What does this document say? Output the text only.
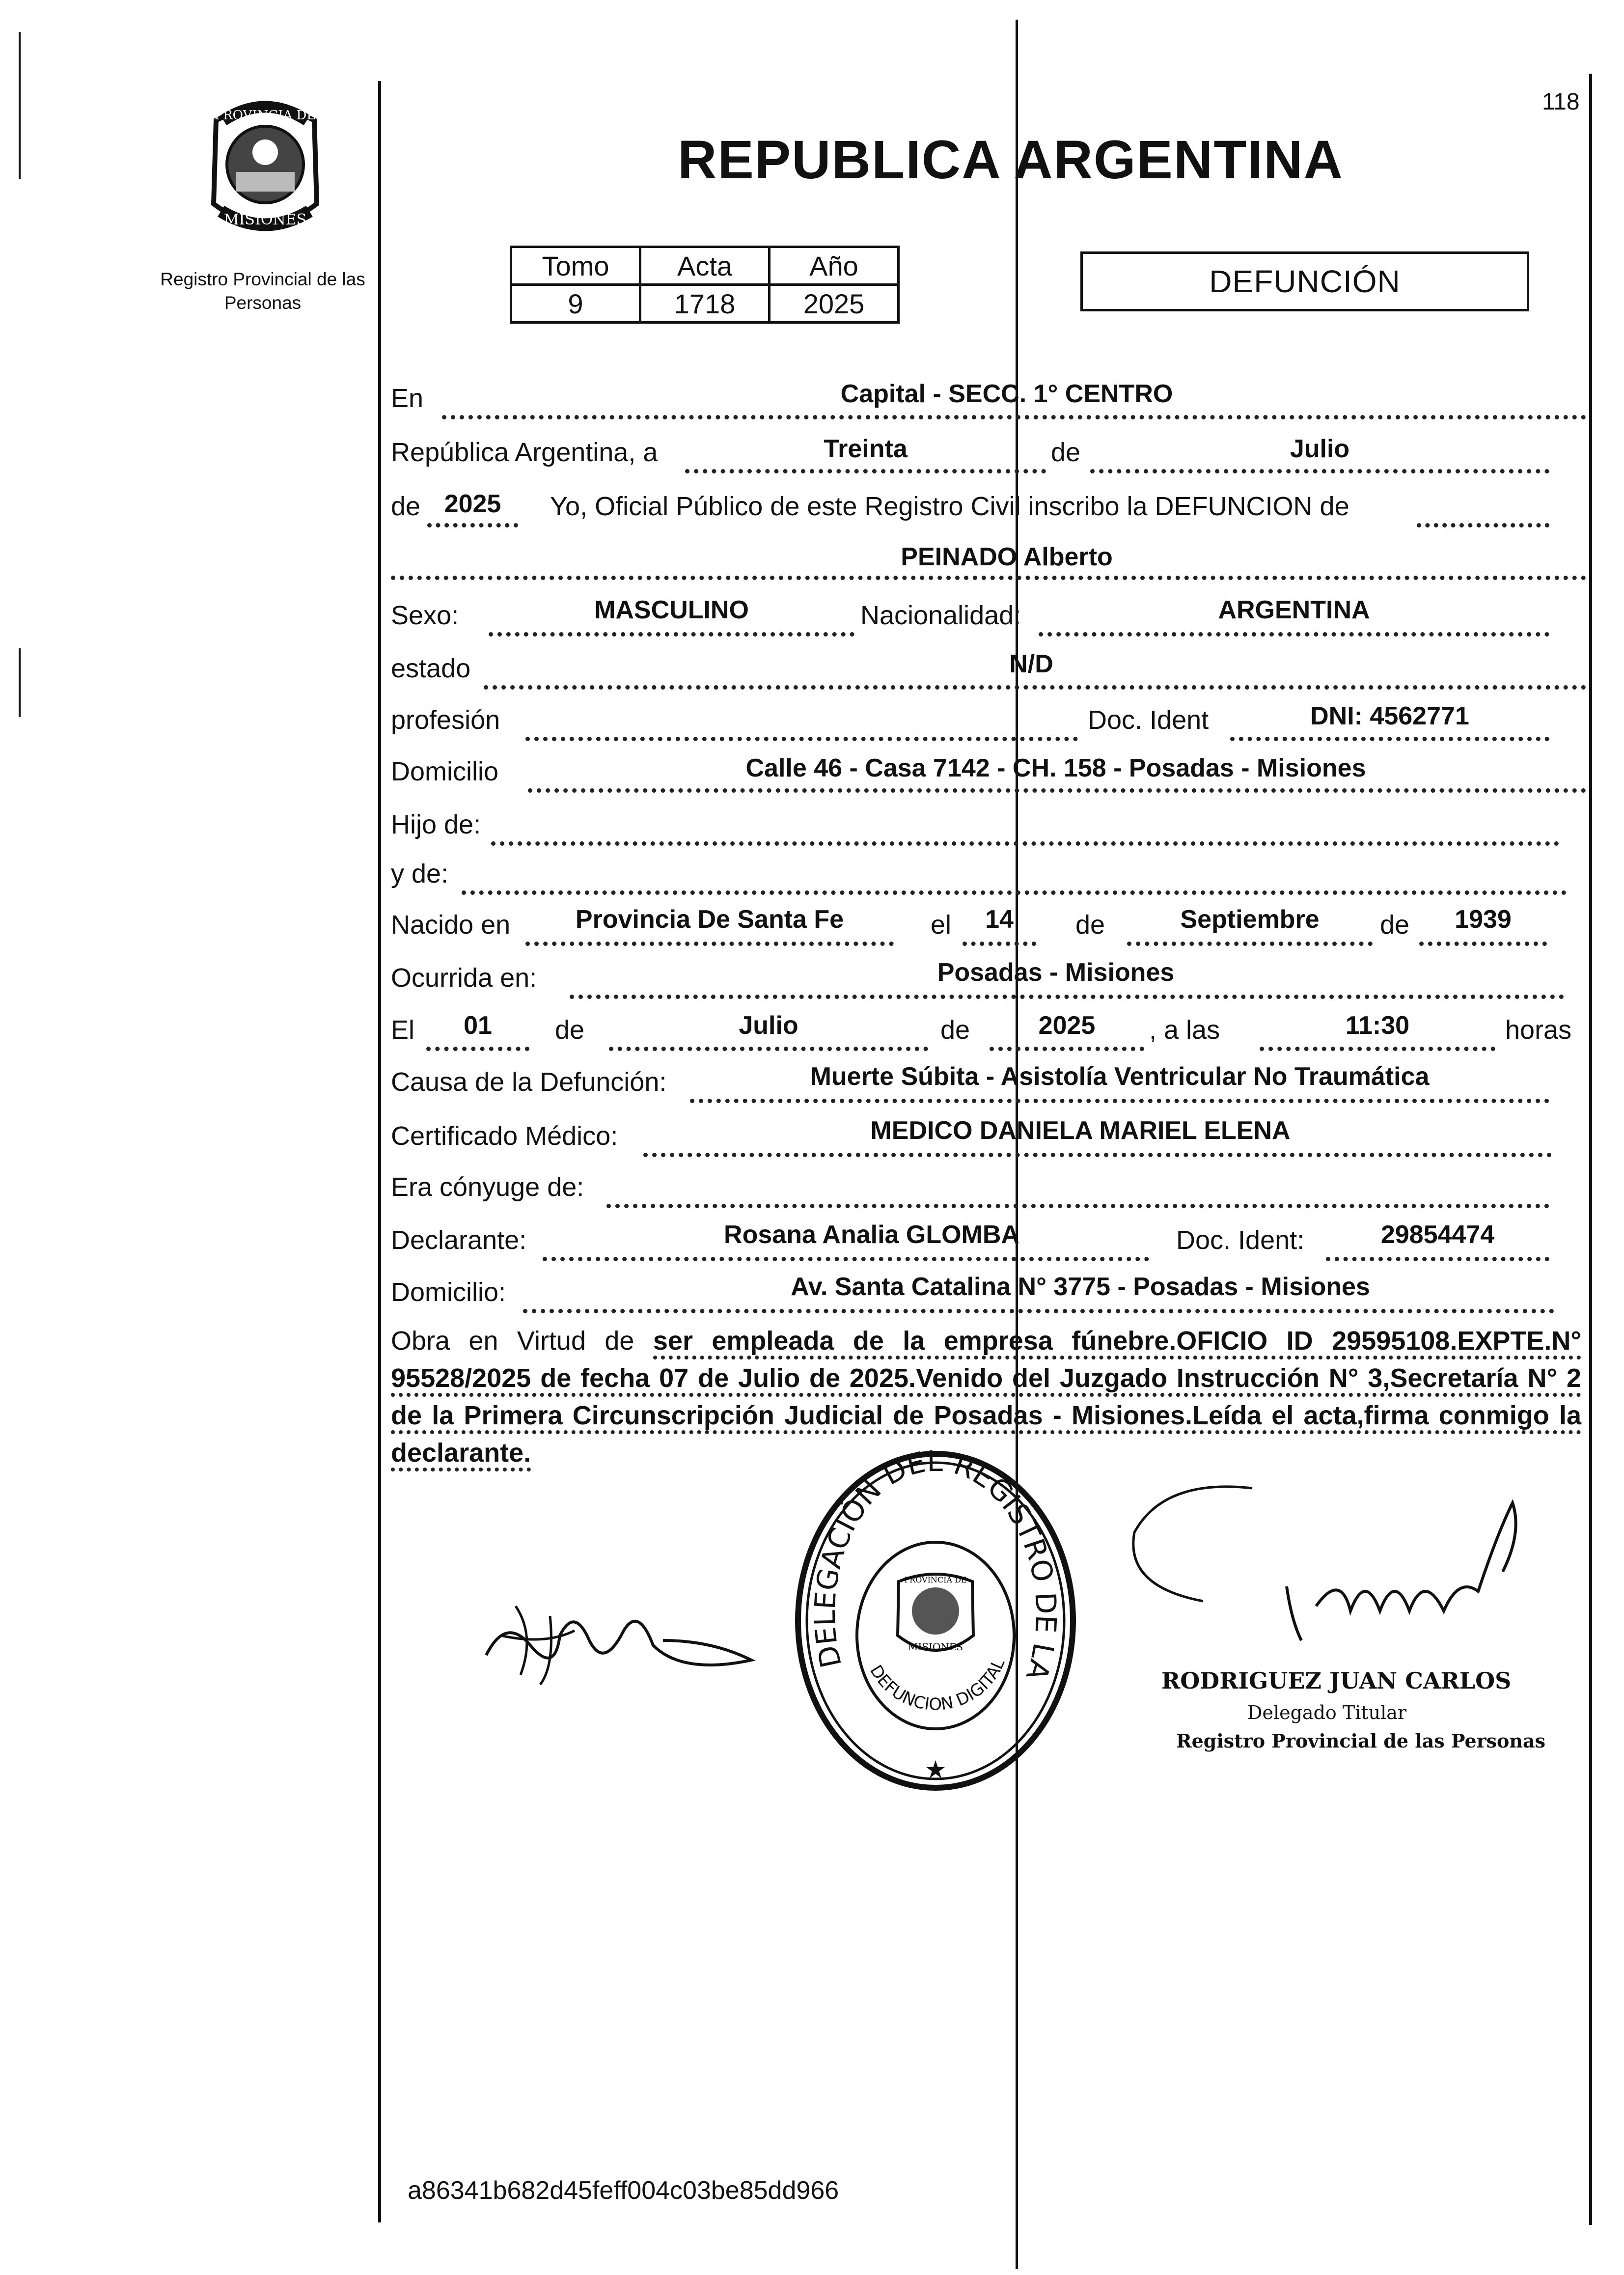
118
PROVINCIA DE
MISIONES
Registro Provincial de las Personas
REPUBLICA ARGENTINA
Tomo	Acta	Año
9	1718	2025
DEFUNCIÓN
En	Capital - SECC. 1° CENTRO
República Argentina, a	Treinta	de	Julio
de 2025	Yo, Oficial Público de este Registro Civil inscribo la DEFUNCION de
PEINADO Alberto
Sexo:	MASCULINO	Nacionalidad:	ARGENTINA
estado	N/D
profesión	Doc. Ident	DNI: 4562771
Domicilio	Calle 46 - Casa 7142 - CH. 158 - Posadas - Misiones
Hijo de:
y de:
Nacido en	Provincia De Santa Fe	el	14	de	Septiembre	de	1939
Ocurrida en:	Posadas - Misiones
El	01	de	Julio	de	2025	, a las	11:30	horas
Causa de la Defunción:	Muerte Súbita - Asistolía Ventricular No Traumática
Certificado Médico:	MEDICO DANIELA MARIEL ELENA
Era cónyuge de:
Declarante:	Rosana Analia GLOMBA	Doc. Ident:	29854474
Domicilio:	Av. Santa Catalina N° 3775 - Posadas - Misiones
Obra en Virtud de ser empleada de la empresa fúnebre.OFICIO ID 29595108.EXPTE.N° 95528/2025 de fecha 07 de Julio de 2025.Venido del Juzgado Instrucción N° 3,Secretaría N° 2 de la Primera Circunscripción Judicial de Posadas - Misiones.Leída el acta,firma conmigo la declarante.
DELEGACIÓN DEL REGISTRO DE LA
DEFUNCION DIGITAL
PROVINCIA DE
MISIONES
★
RODRIGUEZ JUAN CARLOS
Delegado Titular
Registro Provincial de las Personas
a86341b682d45feff004c03be85dd966
